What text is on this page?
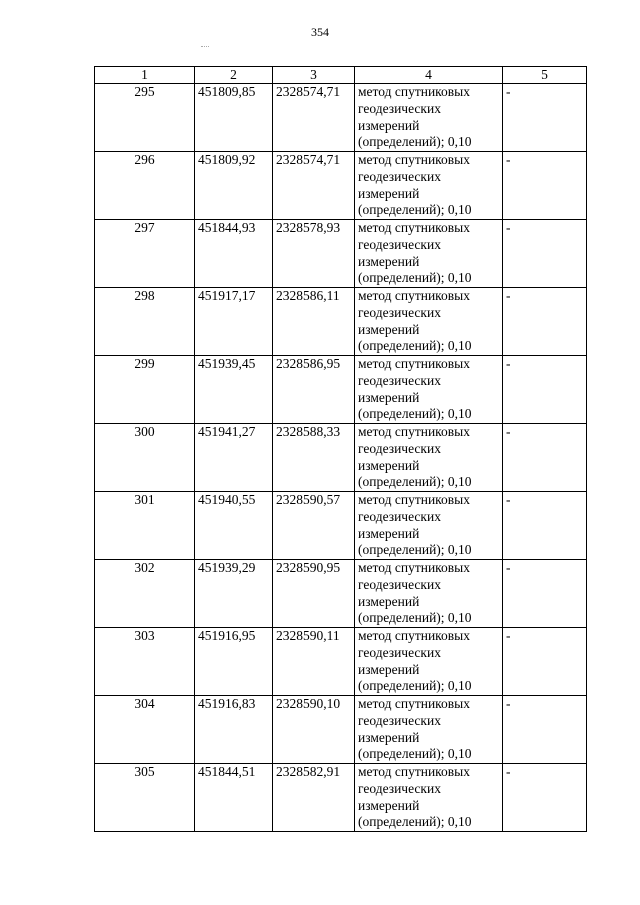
354
1	2	3	4	5
295	451809,85	2328574,71	метод спутниковых
геодезических
измерений
(определений); 0,10	-
296	451809,92	2328574,71	метод спутниковых
геодезических
измерений
(определений); 0,10	-
297	451844,93	2328578,93	метод спутниковых
геодезических
измерений
(определений); 0,10	-
298	451917,17	2328586,11	метод спутниковых
геодезических
измерений
(определений); 0,10	-
299	451939,45	2328586,95	метод спутниковых
геодезических
измерений
(определений); 0,10	-
300	451941,27	2328588,33	метод спутниковых
геодезических
измерений
(определений); 0,10	-
301	451940,55	2328590,57	метод спутниковых
геодезических
измерений
(определений); 0,10	-
302	451939,29	2328590,95	метод спутниковых
геодезических
измерений
(определений); 0,10	-
303	451916,95	2328590,11	метод спутниковых
геодезических
измерений
(определений); 0,10	-
304	451916,83	2328590,10	метод спутниковых
геодезических
измерений
(определений); 0,10	-
305	451844,51	2328582,91	метод спутниковых
геодезических
измерений
(определений); 0,10	-
